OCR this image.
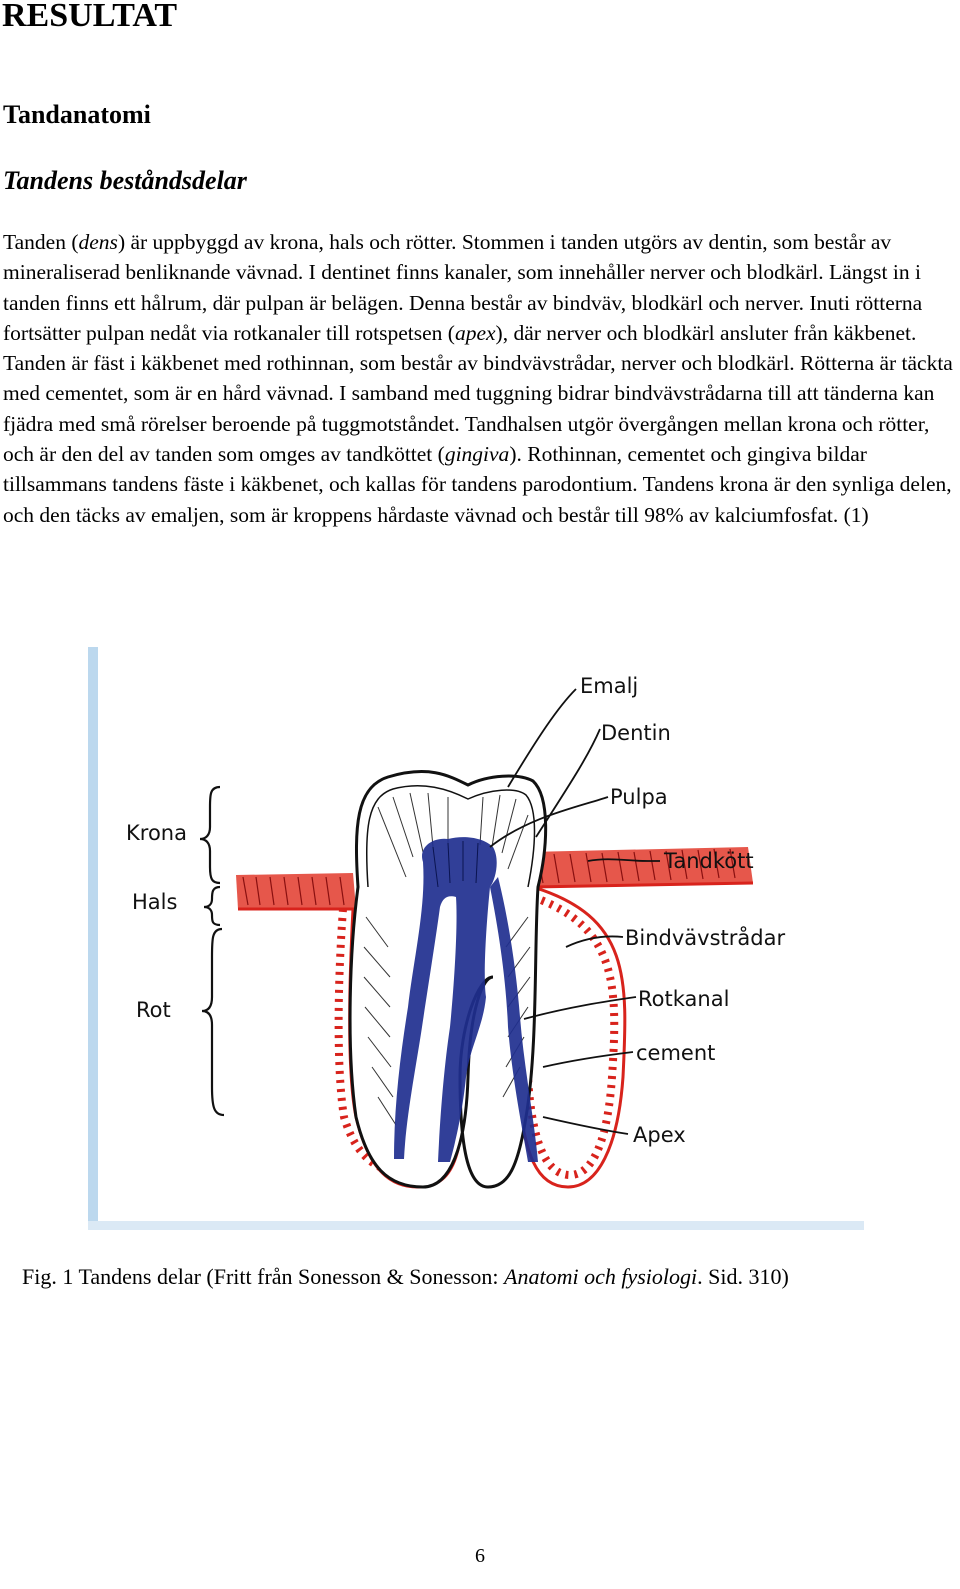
RESULTAT
Tandanatomi
Tandens beståndsdelar

Tanden (dens) är uppbyggd av krona, hals och rötter. Stommen i tanden utgörs av dentin, som består av mineraliserad benliknande vävnad. I dentinet finns kanaler, som innehåller nerver och blodkärl. Längst in i tanden finns ett hålrum, där pulpan är belägen. Denna består av bindväv, blodkärl och nerver. Inuti rötterna fortsätter pulpan nedåt via rotkanaler till rotspetsen (apex), där nerver och blodkärl ansluter från käkbenet. Tanden är fäst i käkbenet med rothinnan, som består av bindvävstrådar, nerver och blodkärl. Rötterna är täckta med cementet, som är en hård vävnad. I samband med tuggning bidrar bindvävstrådarna till att tänderna kan fjädra med små rörelser beroende på tuggmotståndet. Tandhalsen utgör övergången mellan krona och rötter, och är den del av tanden som omges av tandköttet (gingiva). Rothinnan, cementet och gingiva bildar tillsammans tandens fäste i käkbenet, och kallas för tandens parodontium. Tandens krona är den synliga delen, och den täcks av emaljen, som är kroppens hårdaste vävnad och består till 98% av kalciumfosfat. (1)

Krona
Hals
Rot
Emalj
Dentin
Pulpa
Tandkött
Bindvävstrådar
Rotkanal
cement
Apex

Fig. 1 Tandens delar (Fritt från Sonesson & Sonesson: Anatomi och fysiologi. Sid. 310)

6
